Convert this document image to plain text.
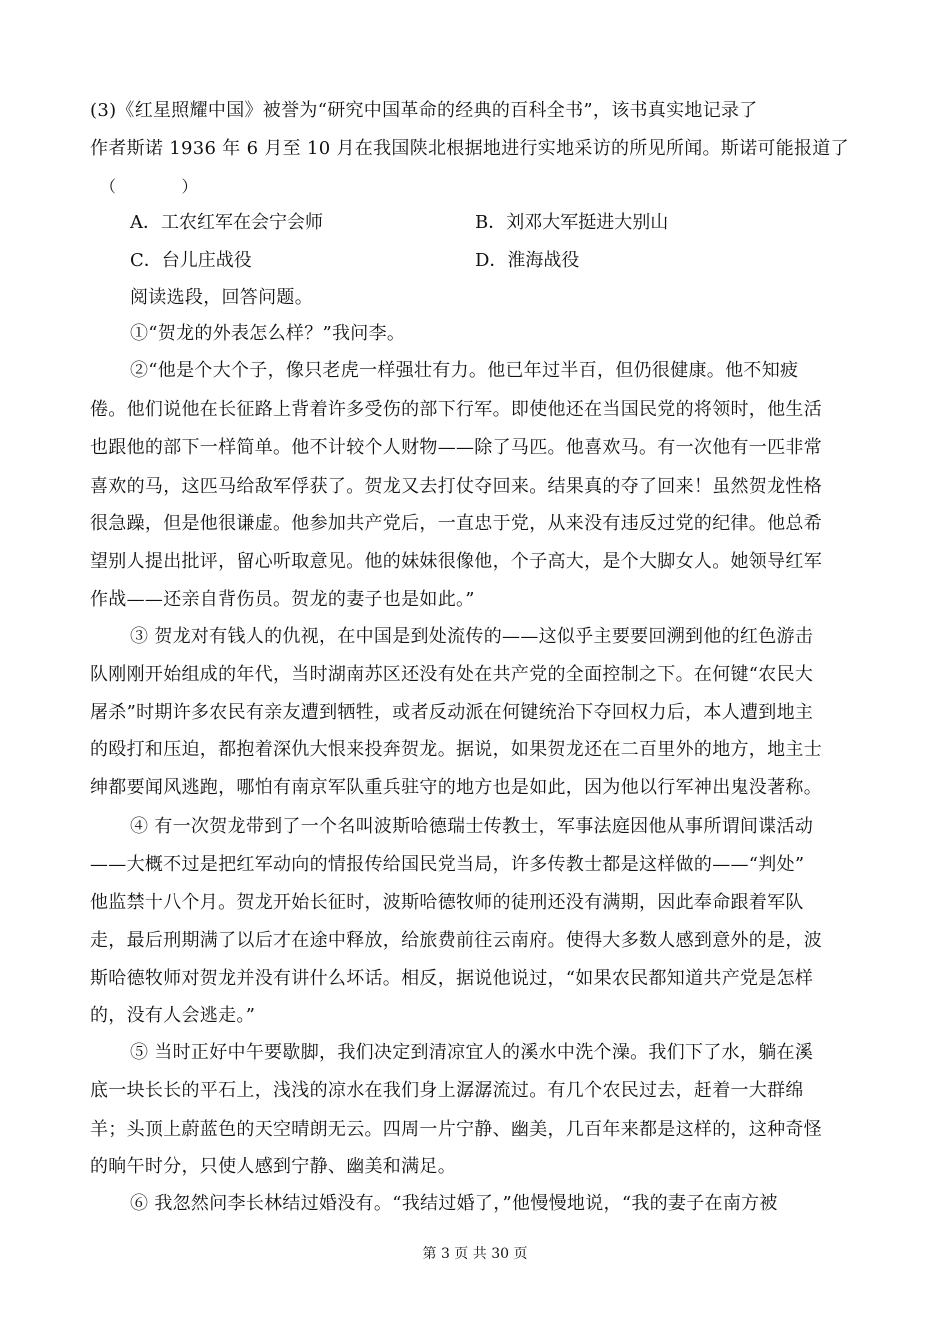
(3)《红星照耀中国》被誉为“研究中国革命的经典的百科全书”，该书真实地记录了
作者斯诺 1936 年 6 月至 10 月在我国陕北根据地进行实地采访的所见所闻。斯诺可能报道了
（　　　　）
A．工农红军在会宁会师	B．刘邓大军挺进大别山
C．台儿庄战役	D．淮海战役
阅读选段，回答问题。
①“贺龙的外表怎么样？”我问李。
②“他是个大个子，像只老虎一样强壮有力。他已年过半百，但仍很健康。他不知疲
倦。他们说他在长征路上背着许多受伤的部下行军。即使他还在当国民党的将领时，他生活
也跟他的部下一样简单。他不计较个人财物——除了马匹。他喜欢马。有一次他有一匹非常
喜欢的马，这匹马给敌军俘获了。贺龙又去打仗夺回来。结果真的夺了回来！虽然贺龙性格
很急躁，但是他很谦虚。他参加共产党后，一直忠于党，从来没有违反过党的纪律。他总希
望别人提出批评，留心听取意见。他的妹妹很像他，个子高大，是个大脚女人。她领导红军
作战——还亲自背伤员。贺龙的妻子也是如此。”
③ 贺龙对有钱人的仇视，在中国是到处流传的——这似乎主要要回溯到他的红色游击
队刚刚开始组成的年代，当时湖南苏区还没有处在共产党的全面控制之下。在何键“农民大
屠杀”时期许多农民有亲友遭到牺牲，或者反动派在何键统治下夺回权力后，本人遭到地主
的殴打和压迫，都抱着深仇大恨来投奔贺龙。据说，如果贺龙还在二百里外的地方，地主士
绅都要闻风逃跑，哪怕有南京军队重兵驻守的地方也是如此，因为他以行军神出鬼没著称。
④ 有一次贺龙带到了一个名叫波斯哈德瑞士传教士，军事法庭因他从事所谓间谍活动
——大概不过是把红军动向的情报传给国民党当局，许多传教士都是这样做的——“判处”
他监禁十八个月。贺龙开始长征时，波斯哈德牧师的徒刑还没有满期，因此奉命跟着军队
走，最后刑期满了以后才在途中释放，给旅费前往云南府。使得大多数人感到意外的是，波
斯哈德牧师对贺龙并没有讲什么坏话。相反，据说他说过，“如果农民都知道共产党是怎样
的，没有人会逃走。”
⑤ 当时正好中午要歇脚，我们决定到清凉宜人的溪水中洗个澡。我们下了水，躺在溪
底一块长长的平石上，浅浅的凉水在我们身上潺潺流过。有几个农民过去，赶着一大群绵
羊；头顶上蔚蓝色的天空晴朗无云。四周一片宁静、幽美，几百年来都是这样的，这种奇怪
的晌午时分，只使人感到宁静、幽美和满足。
⑥ 我忽然问李长林结过婚没有。“我结过婚了，”他慢慢地说，“我的妻子在南方被
第 3 页 共 30 页
